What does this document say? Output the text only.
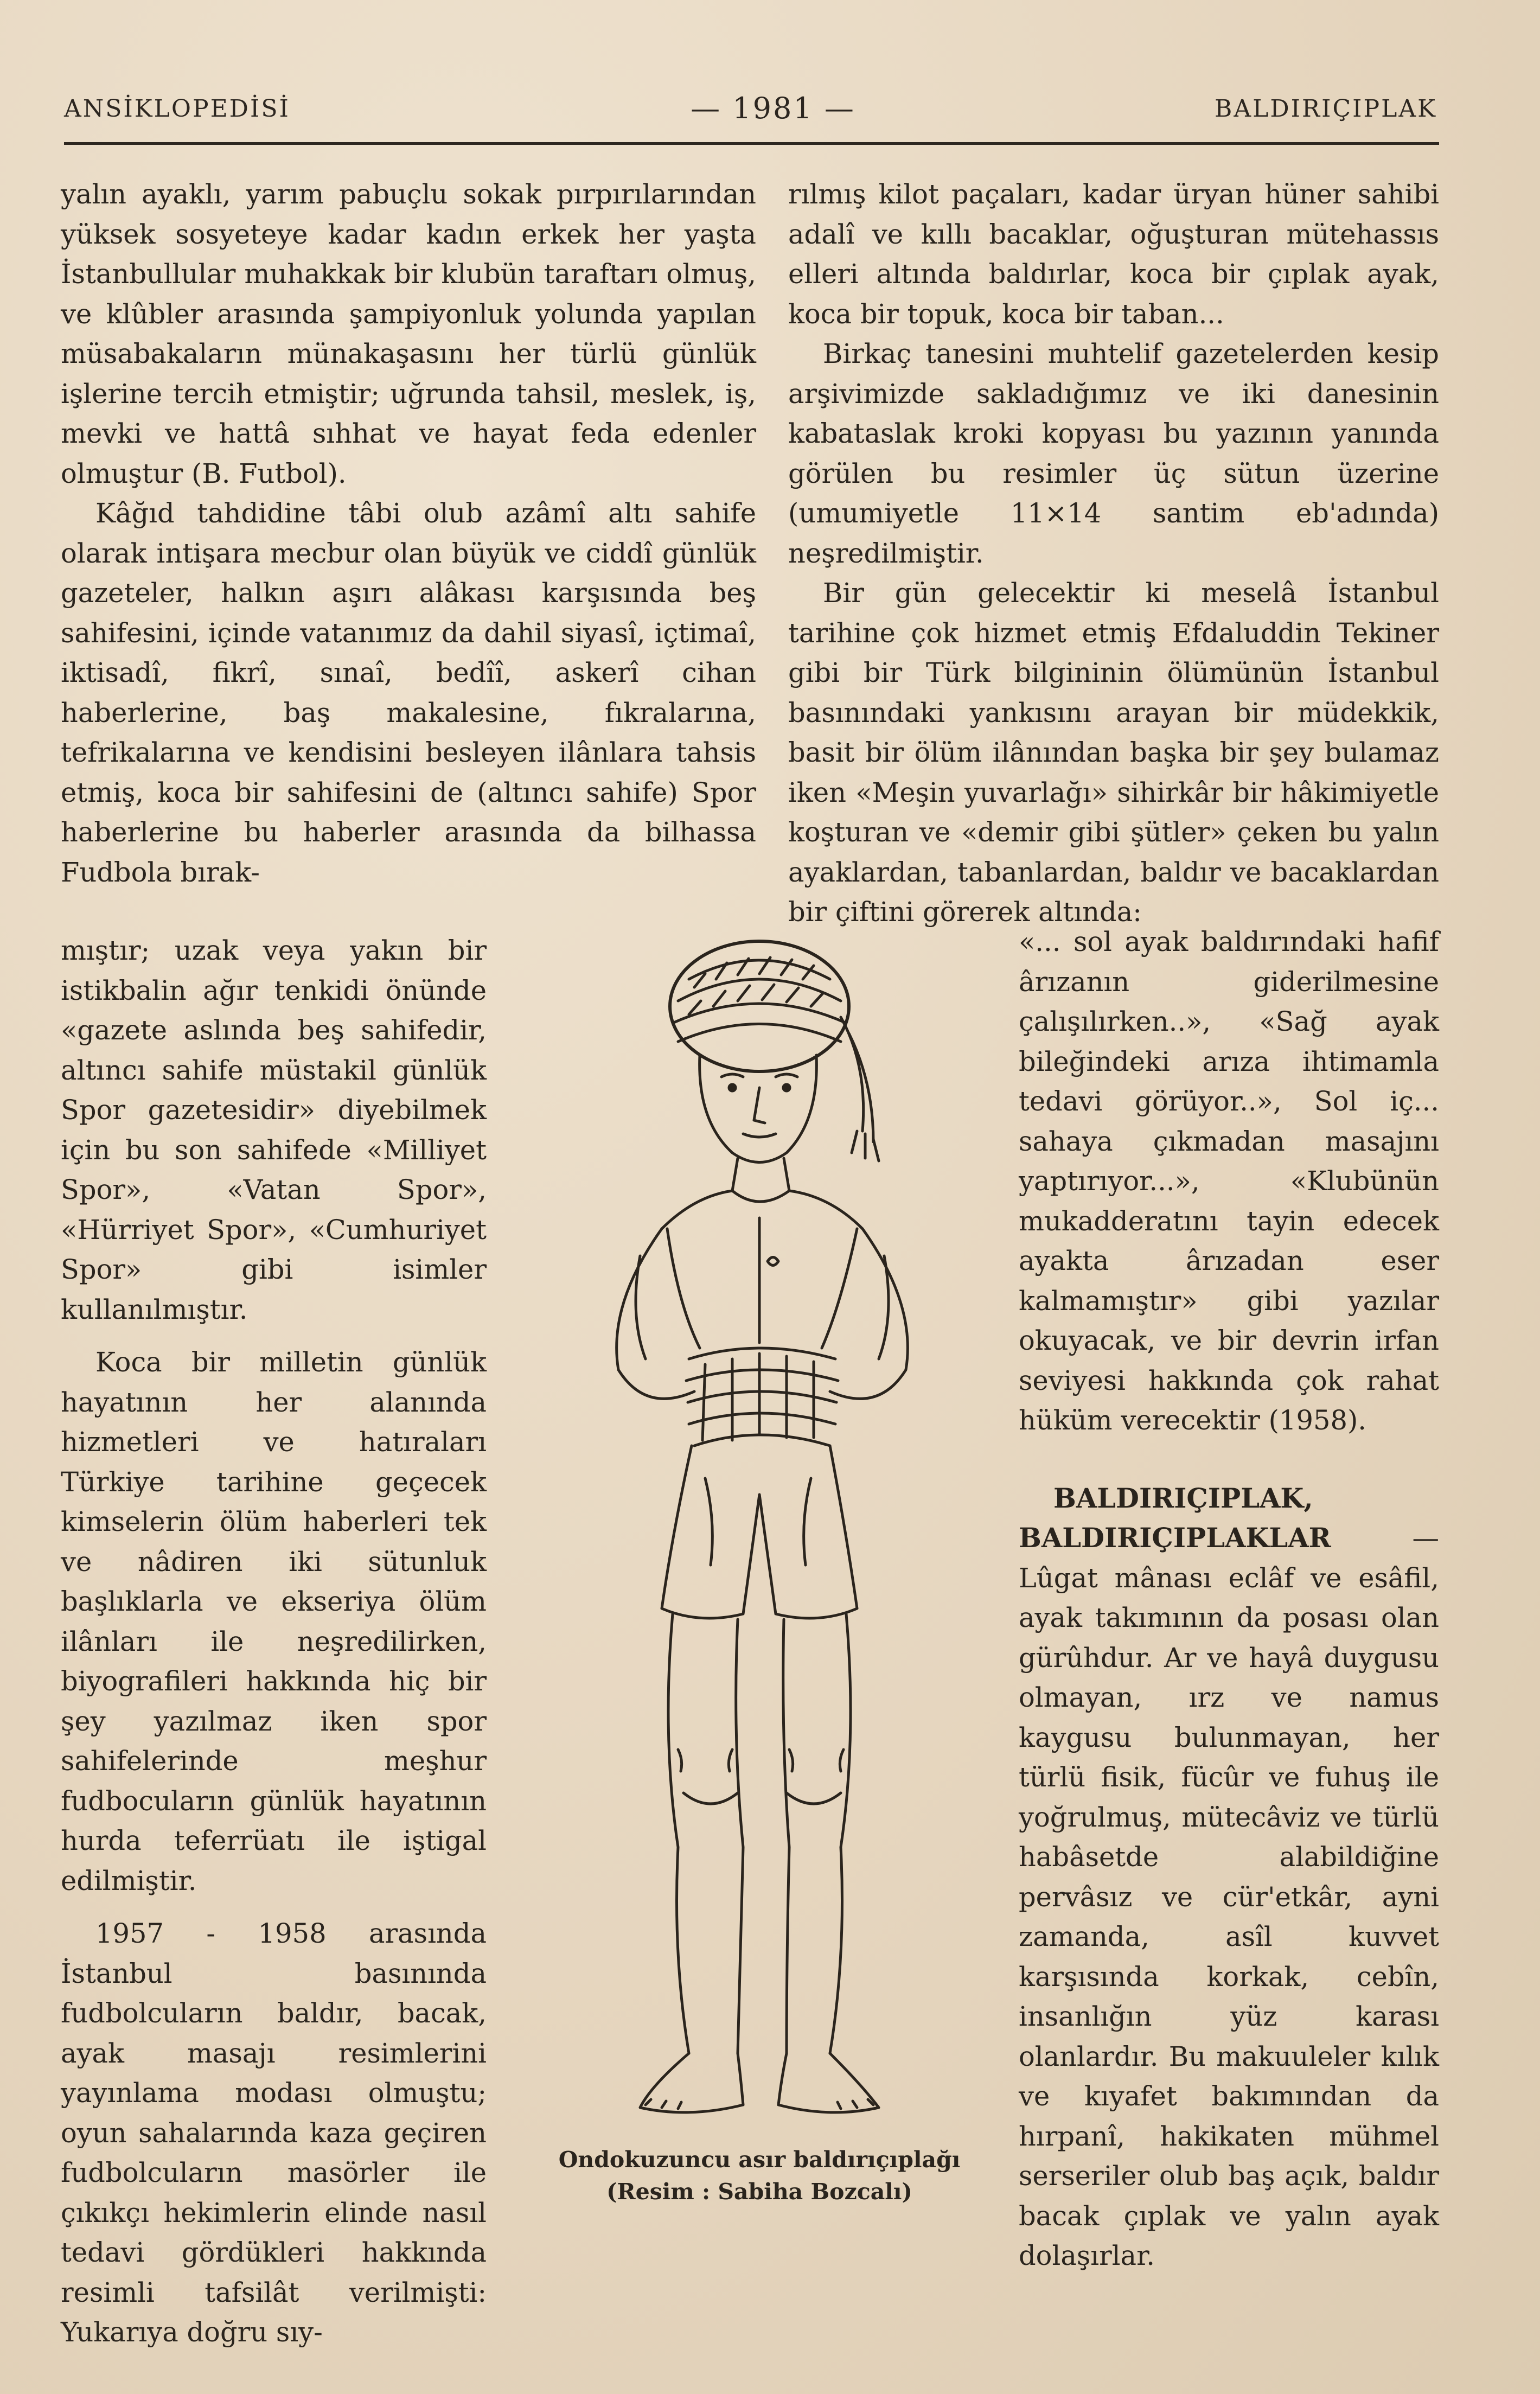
ANSİKLOPEDİSİ	— 1981 —	BALDIRIÇIPLAK

yalın ayaklı, yarım pabuçlu sokak pırpırılarından yüksek sosyeteye kadar kadın erkek her yaşta İstanbullular muhakkak bir klubün taraftarı olmuş, ve klûbler arasında şampiyonluk yolunda yapılan müsabakaların münakaşasını her türlü günlük işlerine tercih etmiştir; uğrunda tahsil, meslek, iş, mevki ve hattâ sıhhat ve hayat feda edenler olmuştur (B. Futbol).

Kâğıd tahdidine tâbi olub azâmî altı sahife olarak intişara mecbur olan büyük ve ciddî günlük gazeteler, halkın aşırı alâkası karşısında beş sahifesini, içinde vatanımız da dahil siyasî, içtimaî, iktisadî, fikrî, sınaî, bedîî, askerî cihan haberlerine, baş makalesine, fıkralarına, tefrikalarına ve kendisini besleyen ilânlara tahsis etmiş, koca bir sahifesini de (altıncı sahife) Spor haberlerine bu haberler arasında da bilhassa Fudbola bırak-

mıştır; uzak veya yakın bir istikbalin ağır tenkidi önünde «gazete aslında beş sahifedir, altıncı sahife müstakil günlük Spor gazetesidir» diyebilmek için bu son sahifede «Milliyet Spor», «Vatan Spor», «Hürriyet Spor», «Cumhuriyet Spor» gibi isimler kullanılmıştır.

Koca bir milletin günlük hayatının her alanında hizmetleri ve hatıraları Türkiye tarihine geçecek kimselerin ölüm haberleri tek ve nâdiren iki sütunluk başlıklarla ve ekseriya ölüm ilânları ile neşredilirken, biyografileri hakkında hiç bir şey yazılmaz iken spor sahifelerinde meşhur fudbocuların günlük hayatının hurda teferrüatı ile iştigal edilmiştir.

1957 - 1958 arasında İstanbul basınında fudbolcuların baldır, bacak, ayak masajı resimlerini yayınlama modası olmuştu; oyun sahalarında kaza geçiren fudbolcuların masörler ile çıkıkçı hekimlerin elinde nasıl tedavi gördükleri hakkında resimli tafsilât verilmişti: Yukarıya doğru sıy-

rılmış kilot paçaları, kadar üryan hüner sahibi adalî ve kıllı bacaklar, oğuşturan mütehassıs elleri altında baldırlar, koca bir çıplak ayak, koca bir topuk, koca bir taban...

Birkaç tanesini muhtelif gazetelerden kesip arşivimizde sakladığımız ve iki danesinin kabataslak kroki kopyası bu yazının yanında görülen bu resimler üç sütun üzerine (umumiyetle 11×14 santim eb'adında) neşredilmiştir.

Bir gün gelecektir ki meselâ İstanbul tarihine çok hizmet etmiş Efdaluddin Tekiner gibi bir Türk bilgininin ölümünün İstanbul basınındaki yankısını arayan bir müdekkik, basit bir ölüm ilânından başka bir şey bulamaz iken «Meşin yuvarlağı» sihirkâr bir hâkimiyetle koşturan ve «demir gibi şütler» çeken bu yalın ayaklardan, tabanlardan, baldır ve bacaklardan bir çiftini görerek altında:

«... sol ayak baldırındaki hafif ârızanın giderilmesine çalışılırken..», «Sağ ayak bileğindeki arıza ihtimamla tedavi görüyor..», Sol iç... sahaya çıkmadan masajını yaptırıyor...», «Klubünün mukadderatını tayin edecek ayakta ârızadan eser kalmamıştır» gibi yazılar okuyacak, ve bir devrin irfan seviyesi hakkında çok rahat hüküm verecektir (1958).

BALDIRIÇIPLAK, BALDIRIÇIPLAKLAR — Lûgat mânası eclâf ve esâfil, ayak takımının da posası olan gürûhdur. Ar ve hayâ duygusu olmayan, ırz ve namus kaygusu bulunmayan, her türlü fisik, fücûr ve fuhuş ile yoğrulmuş, mütecâviz ve türlü habâsetde alabildiğine pervâsız ve cür'etkâr, ayni zamanda, asîl kuvvet karşısında korkak, cebîn, insanlığın yüz karası olanlardır. Bu makuuleler kılık ve kıyafet bakımından da hırpanî, hakikaten mühmel serseriler olub baş açık, baldır bacak çıplak ve yalın ayak dolaşırlar.

Ondokuzuncu asır baldırıçıplağı
(Resim : Sabiha Bozcalı)
